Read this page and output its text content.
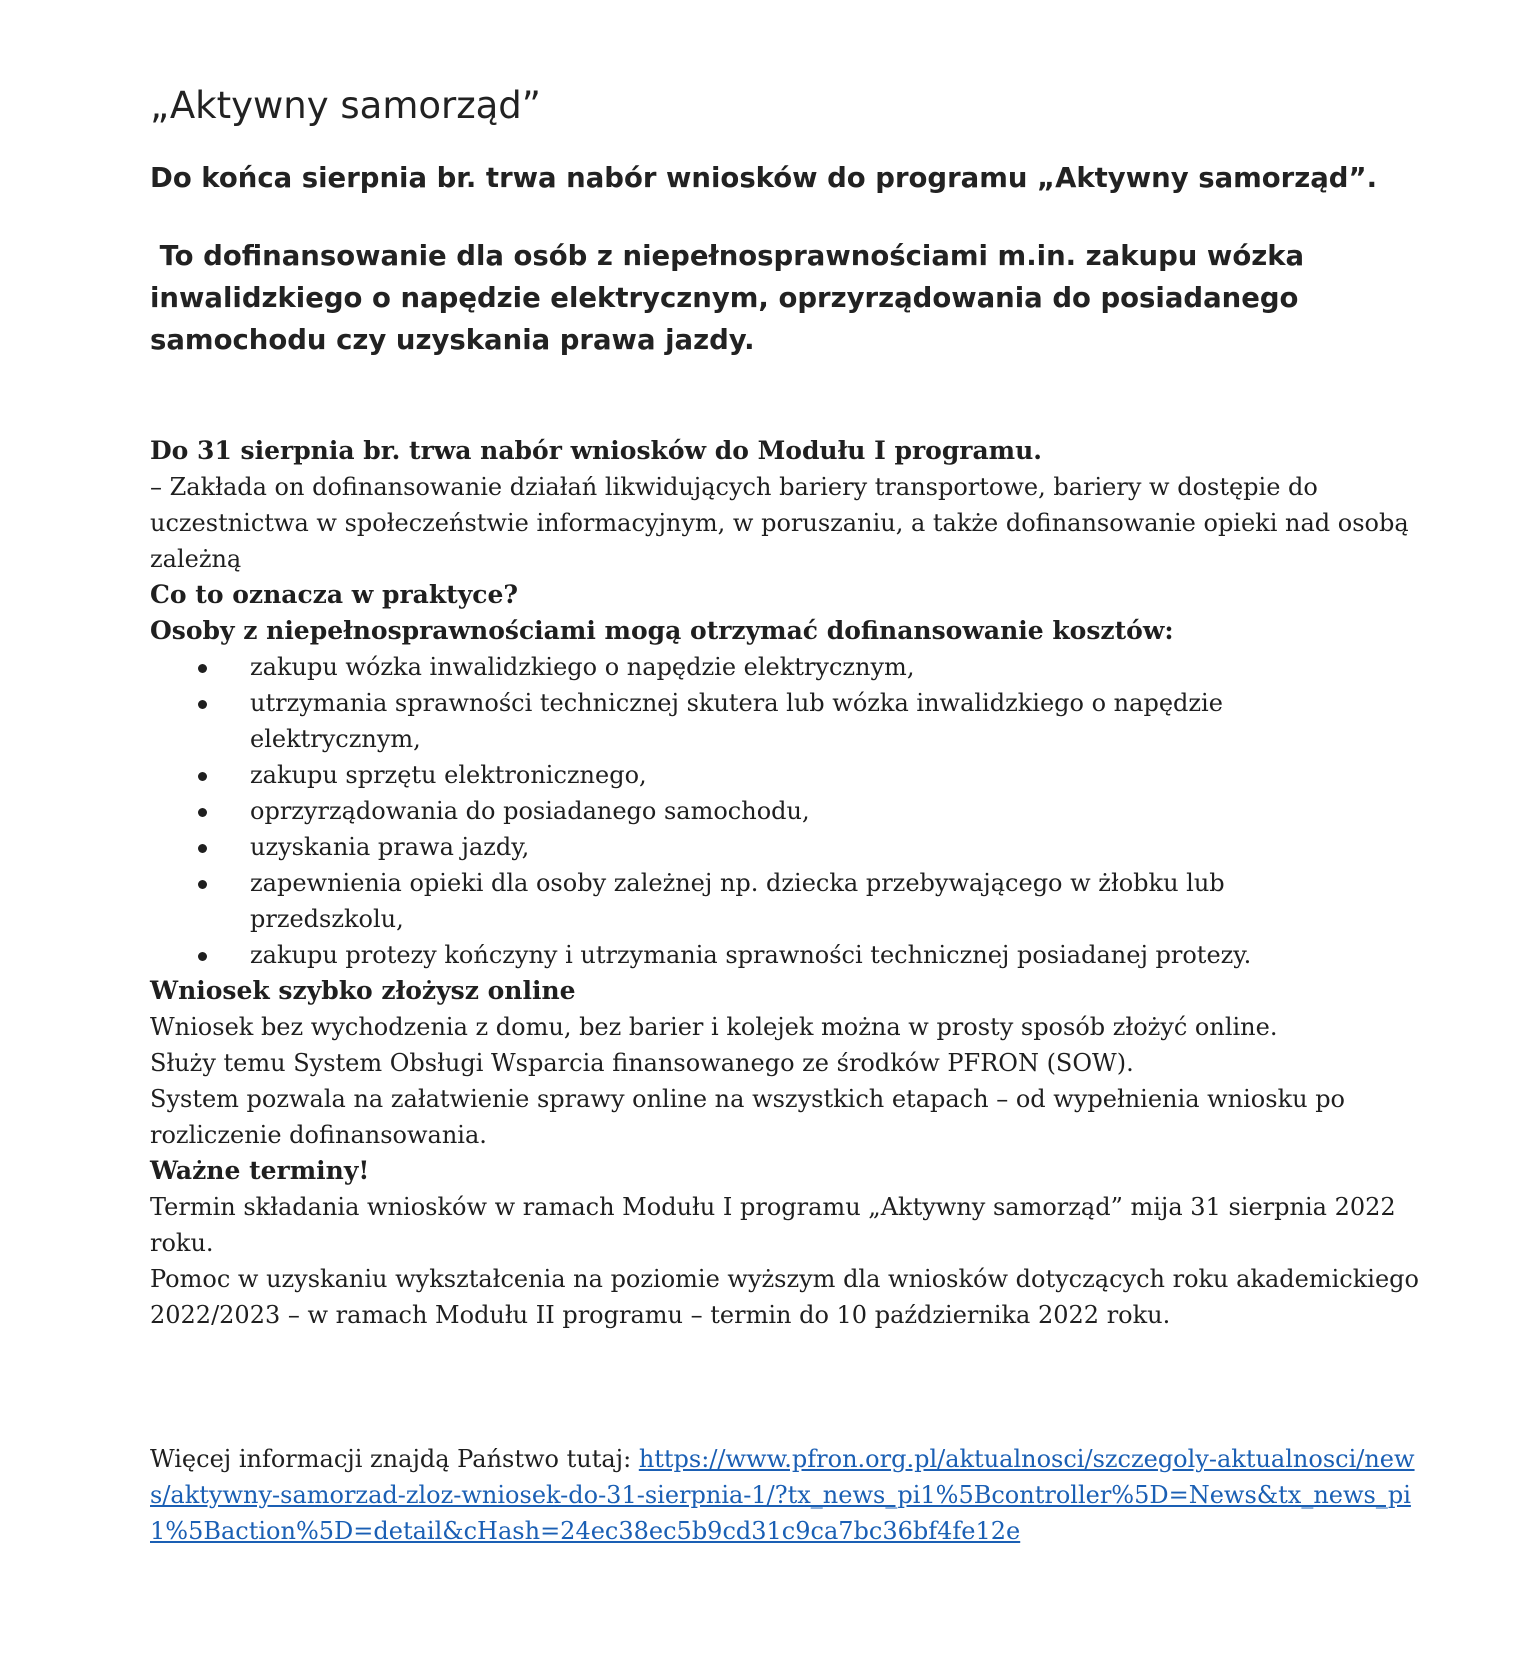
„Aktywny samorząd”

Do końca sierpnia br. trwa nabór wniosków do programu „Aktywny samorząd”.

To dofinansowanie dla osób z niepełnosprawnościami m.in. zakupu wózka inwalidzkiego o napędzie elektrycznym, oprzyrządowania do posiadanego samochodu czy uzyskania prawa jazdy.

Do 31 sierpnia br. trwa nabór wniosków do Modułu I programu.

– Zakłada on dofinansowanie działań likwidujących bariery transportowe, bariery w dostępie do uczestnictwa w społeczeństwie informacyjnym, w poruszaniu, a także dofinansowanie opieki nad osobą zależną

Co to oznacza w praktyce?

Osoby z niepełnosprawnościami mogą otrzymać dofinansowanie kosztów:

zakupu wózka inwalidzkiego o napędzie elektrycznym,
utrzymania sprawności technicznej skutera lub wózka inwalidzkiego o napędzie elektrycznym,
zakupu sprzętu elektronicznego,
oprzyrządowania do posiadanego samochodu,
uzyskania prawa jazdy,
zapewnienia opieki dla osoby zależnej np. dziecka przebywającego w żłobku lub przedszkolu,
zakupu protezy kończyny i utrzymania sprawności technicznej posiadanej protezy.

Wniosek szybko złożysz online

Wniosek bez wychodzenia z domu, bez barier i kolejek można w prosty sposób złożyć online.

Służy temu System Obsługi Wsparcia finansowanego ze środków PFRON (SOW).

System pozwala na załatwienie sprawy online na wszystkich etapach – od wypełnienia wniosku po rozliczenie dofinansowania.

Ważne terminy!

Termin składania wniosków w ramach Modułu I programu „Aktywny samorząd” mija 31 sierpnia 2022 roku.

Pomoc w uzyskaniu wykształcenia na poziomie wyższym dla wniosków dotyczących roku akademickiego 2022/2023 – w ramach Modułu II programu – termin do 10 października 2022 roku.

Więcej informacji znajdą Państwo tutaj: https://www.pfron.org.pl/aktualnosci/szczegoly-aktualnosci/news/aktywny-samorzad-zloz-wniosek-do-31-sierpnia-1/?tx_news_pi1%5Bcontroller%5D=News&tx_news_pi1%5Baction%5D=detail&cHash=24ec38ec5b9cd31c9ca7bc36bf4fe12e
